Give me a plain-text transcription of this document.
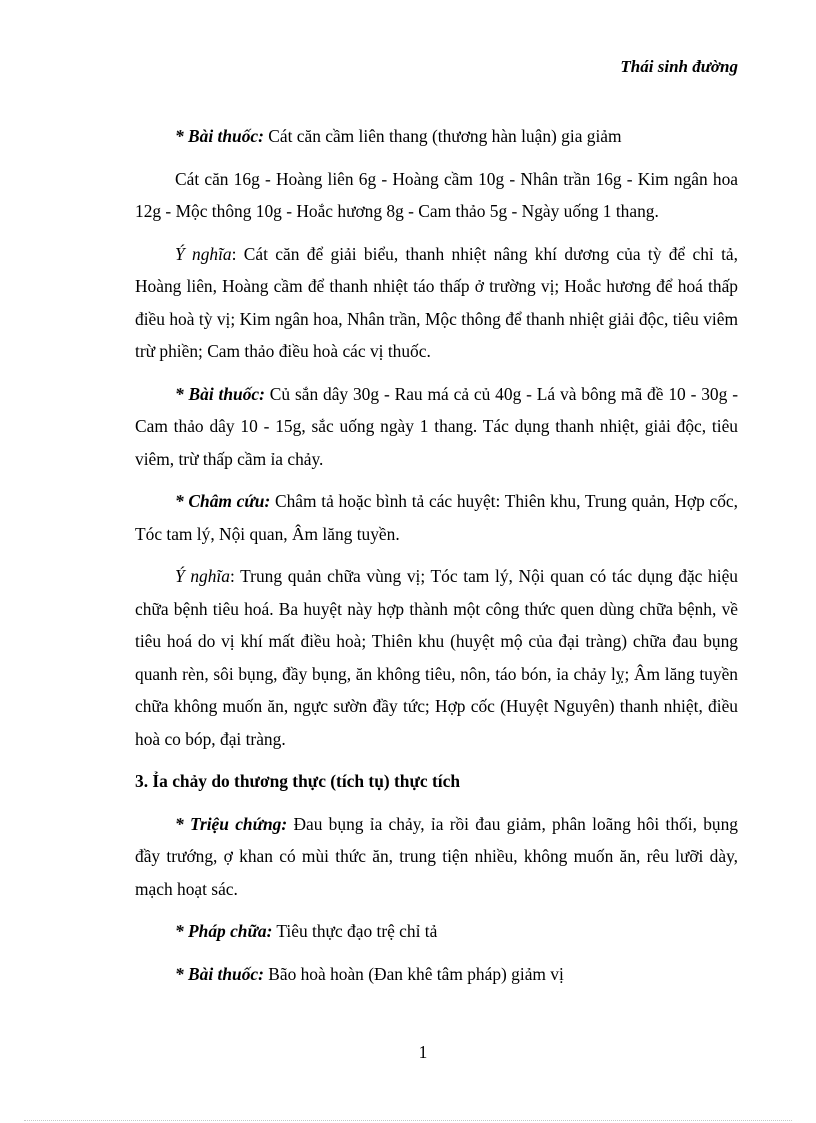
Thái sinh đường

* Bài thuốc: Cát căn cầm liên thang (thương hàn luận) gia giảm

Cát căn 16g - Hoàng liên 6g - Hoàng cầm 10g - Nhân trần 16g - Kim ngân hoa 12g - Mộc thông 10g - Hoắc hương 8g - Cam thảo 5g - Ngày uống 1 thang.

Ý nghĩa: Cát căn để giải biểu, thanh nhiệt nâng khí dương của tỳ để chỉ tả, Hoàng liên, Hoàng cầm để thanh nhiệt táo thấp ở trường vị; Hoắc hương để hoá thấp điều hoà tỳ vị; Kim ngân hoa, Nhân trần, Mộc thông để thanh nhiệt giải độc, tiêu viêm trừ phiền; Cam thảo điều hoà các vị thuốc.

* Bài thuốc: Củ sắn dây 30g - Rau má cả củ 40g - Lá và bông mã đề 10 - 30g - Cam thảo dây 10 - 15g, sắc uống ngày 1 thang. Tác dụng thanh nhiệt, giải độc, tiêu viêm, trừ thấp cầm ỉa chảy.

* Châm cứu: Châm tả hoặc bình tả các huyệt: Thiên khu, Trung quản, Hợp cốc, Tóc tam lý, Nội quan, Âm lăng tuyền.

Ý nghĩa: Trung quản chữa vùng vị; Tóc tam lý, Nội quan có tác dụng đặc hiệu chữa bệnh tiêu hoá. Ba huyệt này hợp thành một công thức quen dùng chữa bệnh, về tiêu hoá do vị khí mất điều hoà; Thiên khu (huyệt mộ của đại tràng) chữa đau bụng quanh rèn, sôi bụng, đầy bụng, ăn không tiêu, nôn, táo bón, ỉa chảy lỵ; Âm lăng tuyền chữa không muốn ăn, ngực sườn đầy tức; Hợp cốc (Huyệt Nguyên) thanh nhiệt, điều hoà co bóp, đại tràng.

3. Ỉa chảy do thương thực (tích tụ) thực tích

* Triệu chứng: Đau bụng ỉa chảy, ỉa rồi đau giảm, phân loãng hôi thối, bụng đầy trướng, ợ khan có mùi thức ăn, trung tiện nhiều, không muốn ăn, rêu lưỡi dày, mạch hoạt sác.

* Pháp chữa: Tiêu thực đạo trệ chỉ tả

* Bài thuốc: Bão hoà hoàn (Đan khê tâm pháp) giảm vị

1
